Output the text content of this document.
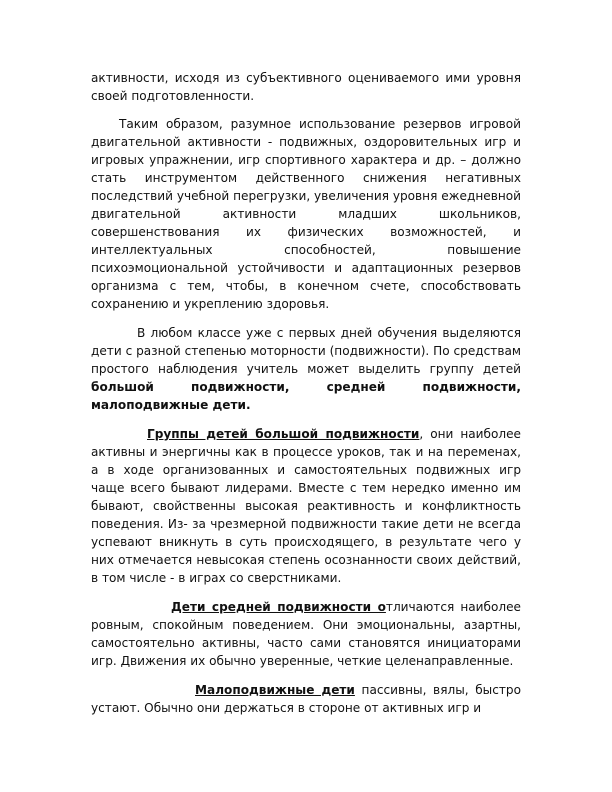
активности, исходя из субъективного оцениваемого ими уровня своей подготовленности.

Таким образом, разумное использование резервов игровой двигательной активности - подвижных, оздоровительных игр и игровых упражнении, игр спортивного характера и др. – должно стать инструментом действенного снижения негативных последствий учебной перегрузки, увеличения уровня ежедневной двигательной активности младших школьников, совершенствования их физических возможностей, и интеллектуальных способностей, повышение психоэмоциональной устойчивости и адаптационных резервов организма с тем, чтобы, в конечном счете, способствовать сохранению и укреплению здоровья.

В любом классе уже с первых дней обучения выделяются дети с разной степенью моторности (подвижности). По средствам простого наблюдения учитель может выделить группу детей большой подвижности, средней подвижности, малоподвижные дети.

Группы детей большой подвижности, они наиболее активны и энергичны как в процессе уроков, так и на переменах, а в ходе организованных и самостоятельных подвижных игр чаще всего бывают лидерами. Вместе с тем нередко именно им бывают, свойственны высокая реактивность и конфликтность поведения. Из- за чрезмерной подвижности такие дети не всегда успевают вникнуть в суть происходящего, в результате чего у них отмечается невысокая степень осознанности своих действий, в том числе - в играх со сверстниками.

Дети средней подвижности отличаются наиболее ровным, спокойным поведением. Они эмоциональны, азартны, самостоятельно активны, часто сами становятся инициаторами игр. Движения их обычно уверенные, четкие целенаправленные.

Малоподвижные дети пассивны, вялы, быстро устают. Обычно они держаться в стороне от активных игр и
